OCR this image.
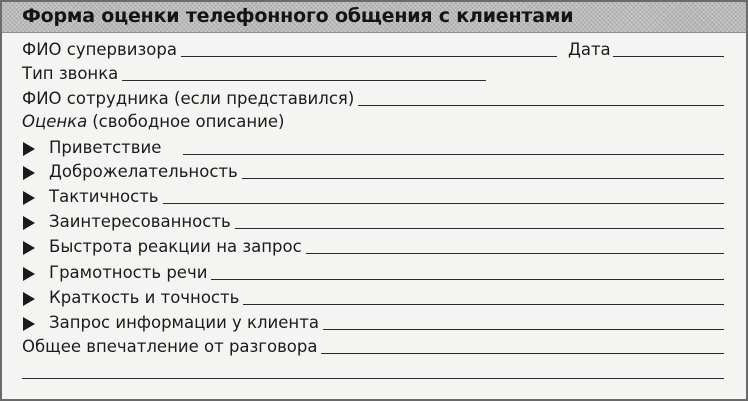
Форма оценки телефонного общения с клиентами
ФИО супервизора	Дата
Тип звонка
ФИО сотрудника (если представился)
Оценка (свободное описание)
Приветствие
Доброжелательность
Тактичность
Заинтересованность
Быстрота реакции на запрос
Грамотность речи
Краткость и точность
Запрос информации у клиента
Общее впечатление от разговора
